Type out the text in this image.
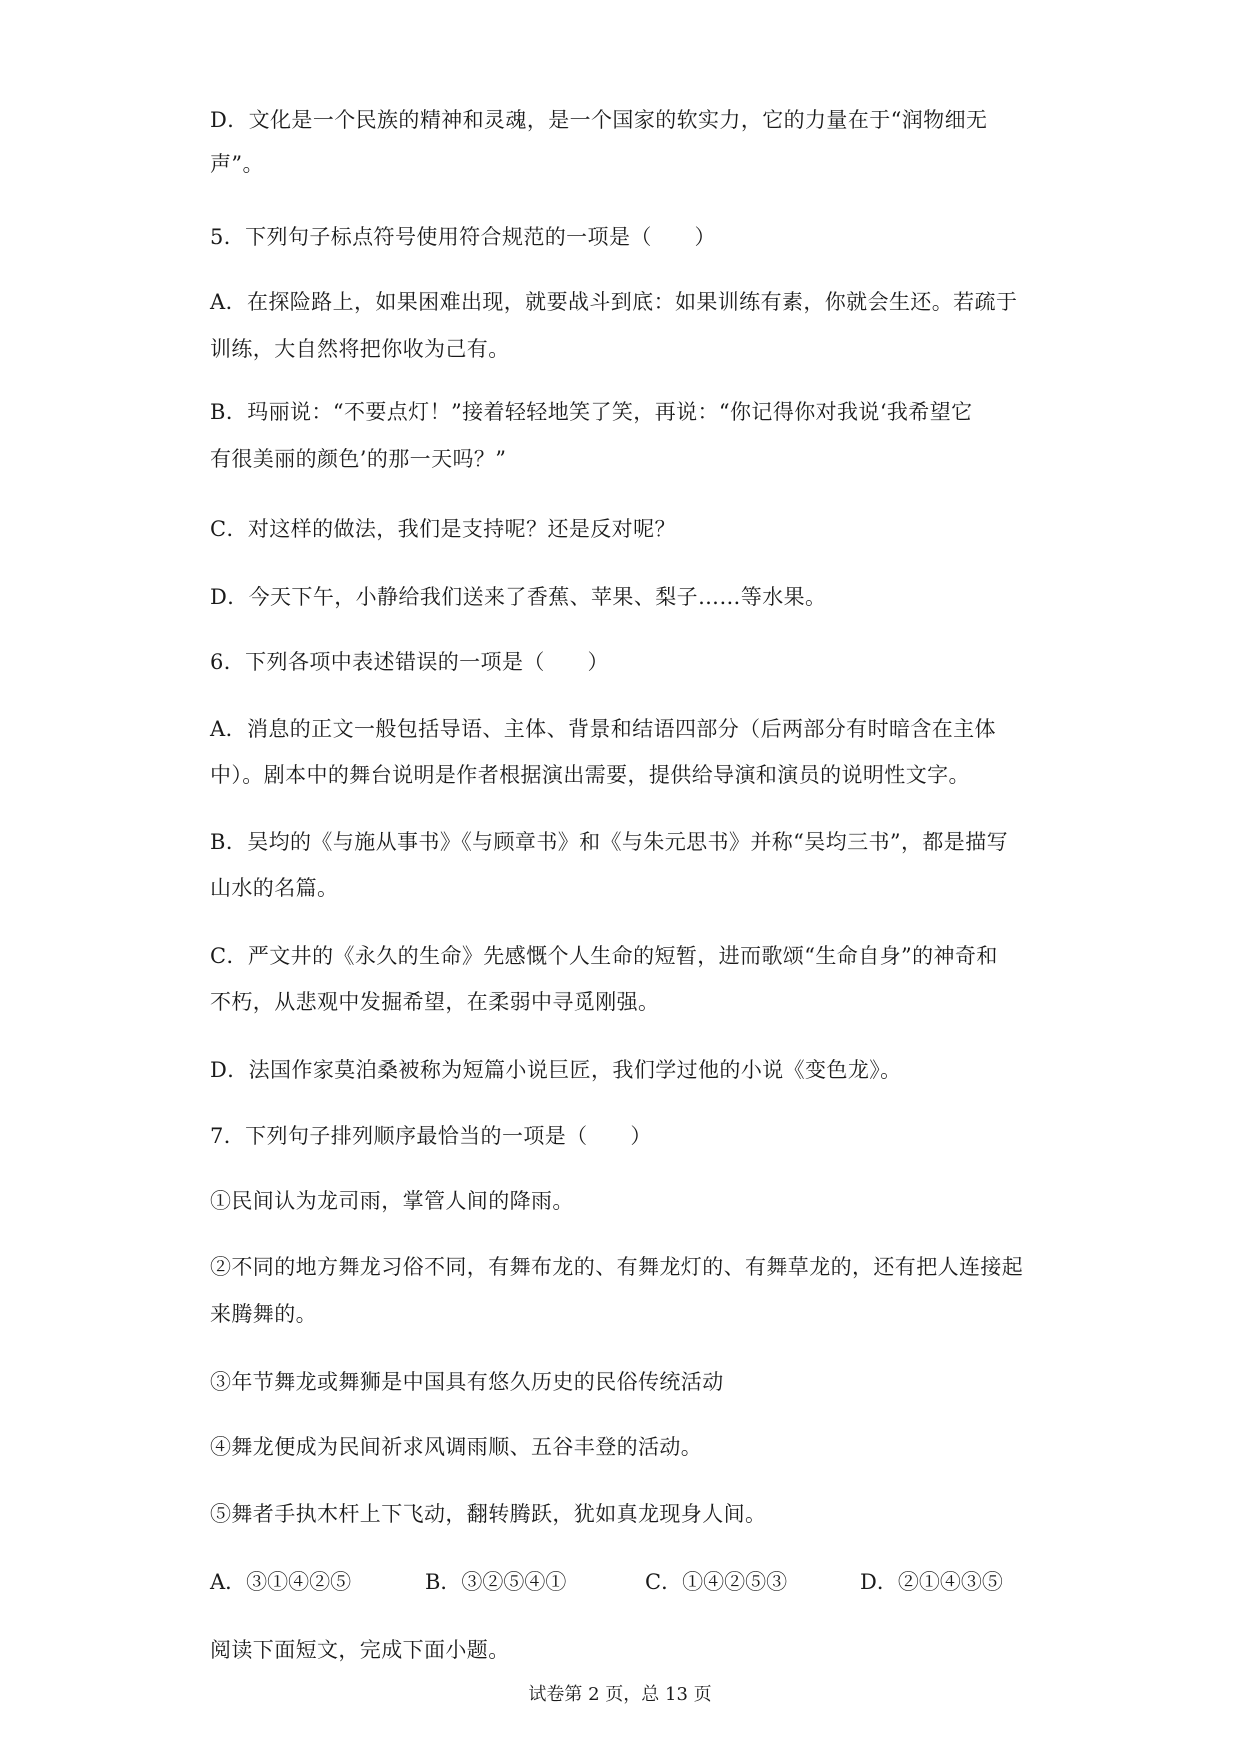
D．文化是一个民族的精神和灵魂，是一个国家的软实力，它的力量在于“润物细无
声”。
5．下列句子标点符号使用符合规范的一项是（　　）
A．在探险路上，如果困难出现，就要战斗到底：如果训练有素，你就会生还。若疏于
训练，大自然将把你收为己有。
B．玛丽说：“不要点灯！”接着轻轻地笑了笑，再说：“你记得你对我说‘我希望它
有很美丽的颜色’的那一天吗？”
C．对这样的做法，我们是支持呢？还是反对呢？
D．今天下午，小静给我们送来了香蕉、苹果、梨子……等水果。
6．下列各项中表述错误的一项是（　　）
A．消息的正文一般包括导语、主体、背景和结语四部分（后两部分有时暗含在主体
中）。剧本中的舞台说明是作者根据演出需要，提供给导演和演员的说明性文字。
B．吴均的《与施从事书》《与顾章书》和《与朱元思书》并称“吴均三书”，都是描写
山水的名篇。
C．严文井的《永久的生命》先感慨个人生命的短暂，进而歌颂“生命自身”的神奇和
不朽，从悲观中发掘希望，在柔弱中寻觅刚强。
D．法国作家莫泊桑被称为短篇小说巨匠，我们学过他的小说《变色龙》。
7．下列句子排列顺序最恰当的一项是（　　）
①民间认为龙司雨，掌管人间的降雨。
②不同的地方舞龙习俗不同，有舞布龙的、有舞龙灯的、有舞草龙的，还有把人连接起
来腾舞的。
③年节舞龙或舞狮是中国具有悠久历史的民俗传统活动
④舞龙便成为民间祈求风调雨顺、五谷丰登的活动。
⑤舞者手执木杆上下飞动，翻转腾跃，犹如真龙现身人间。
A．③①④②⑤	B．③②⑤④①	C．①④②⑤③	D．②①④③⑤
阅读下面短文，完成下面小题。
试卷第 2 页，总 13 页
